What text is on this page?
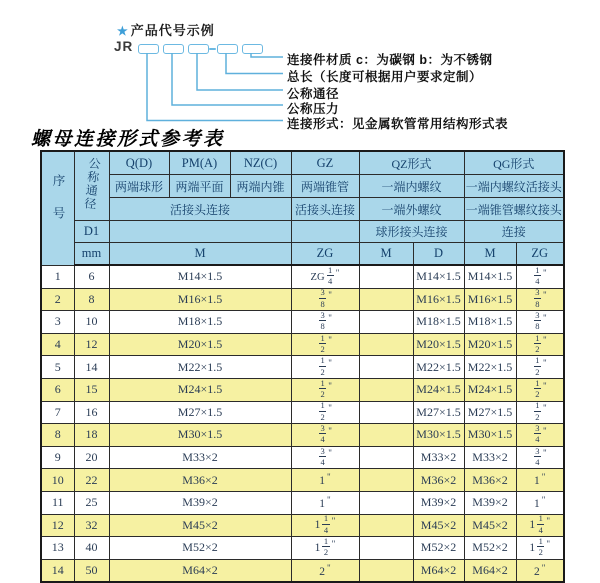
★ 产品代号示例
JR
连接件材质 c：为碳钢 b：为不锈钢
总长（长度可根据用户要求定制）
公称通径
公称压力
连接形式：见金属软管常用结构形式表
螺母连接形式参考表
序号	公称通径	Q(D)	PM(A)	NZ(C)	GZ	QZ形式		QG形式	
		两端球形	两端平面	两端内锥	两端锥管	一端内螺纹		一端内螺纹活接头	
		活接头连接			活接头连接	一端外螺纹		一端锥管螺纹接头	
	D1					球形接头连接		连接	
	mm	M			ZG	M	D	M	ZG
1	6	M14×1.5			ZG $\frac{1}{4} ^"$		M14×1.5	M14×1.5	$\frac{1}{4} ^"$
2	8	M16×1.5			$\frac{3}{8} ^"$		M16×1.5	M16×1.5	$\frac{3}{8} ^"$
3	10	M18×1.5			$\frac{3}{8} ^"$		M18×1.5	M18×1.5	$\frac{3}{8} ^"$
4	12	M20×1.5			$\frac{1}{2} ^"$		M20×1.5	M20×1.5	$\frac{1}{2} ^"$
5	14	M22×1.5			$\frac{1}{2} ^"$		M22×1.5	M22×1.5	$\frac{1}{2} ^"$
6	15	M24×1.5			$\frac{1}{2} ^"$		M24×1.5	M24×1.5	$\frac{1}{2} ^"$
7	16	M27×1.5			$\frac{1}{2} ^"$		M27×1.5	M27×1.5	$\frac{1}{2} ^"$
8	18	M30×1.5			$\frac{3}{4} ^"$		M30×1.5	M30×1.5	$\frac{3}{4} ^"$
9	20	M33×2			$\frac{3}{4} ^"$		M33×2	M33×2	$\frac{3}{4} ^"$
10	22	M36×2			1 "		M36×2	M36×2	1 "
11	25	M39×2			1 "		M39×2	M39×2	1 "
12	32	M45×2			$1 \frac{1}{4} ^"$		M45×2	M45×2	$1 \frac{1}{4} ^"$
13	40	M52×2			$1 \frac{1}{2} ^"$		M52×2	M52×2	$1 \frac{1}{2} ^"$
14	50	M64×2			2 "		M64×2	M64×2	2 "
